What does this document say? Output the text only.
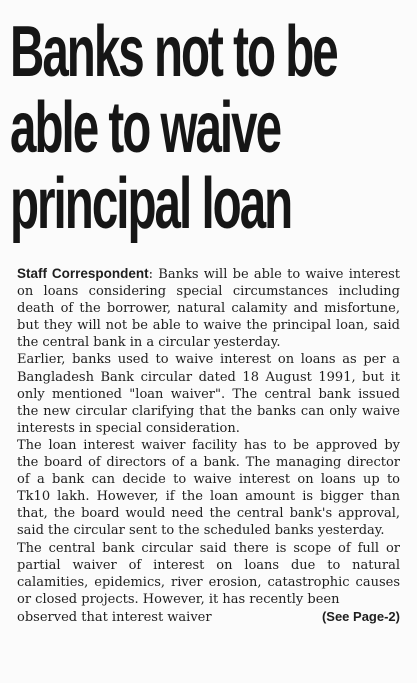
Banks not to be
able to waive
principal loan

Staff Correspondent: Banks will be able to waive interest on loans considering special circumstances including death of the borrower, natural calamity and misfortune, but they will not be able to waive the principal loan, said the central bank in a circular yesterday.

Earlier, banks used to waive interest on loans as per a Bangladesh Bank circular dated 18 August 1991, but it only mentioned "loan waiver". The central bank issued the new circular clarifying that the banks can only waive interests in special consideration.

The loan interest waiver facility has to be approved by the board of directors of a bank. The managing director of a bank can decide to waive interest on loans up to Tk10 lakh. However, if the loan amount is bigger than that, the board would need the central bank's approval, said the circular sent to the scheduled banks yesterday.

The central bank circular said there is scope of full or partial waiver of interest on loans due to natural calamities, epidemics, river erosion, catastrophic causes or closed projects. However, it has recently been

observed that interest waiver	(See Page-2)
